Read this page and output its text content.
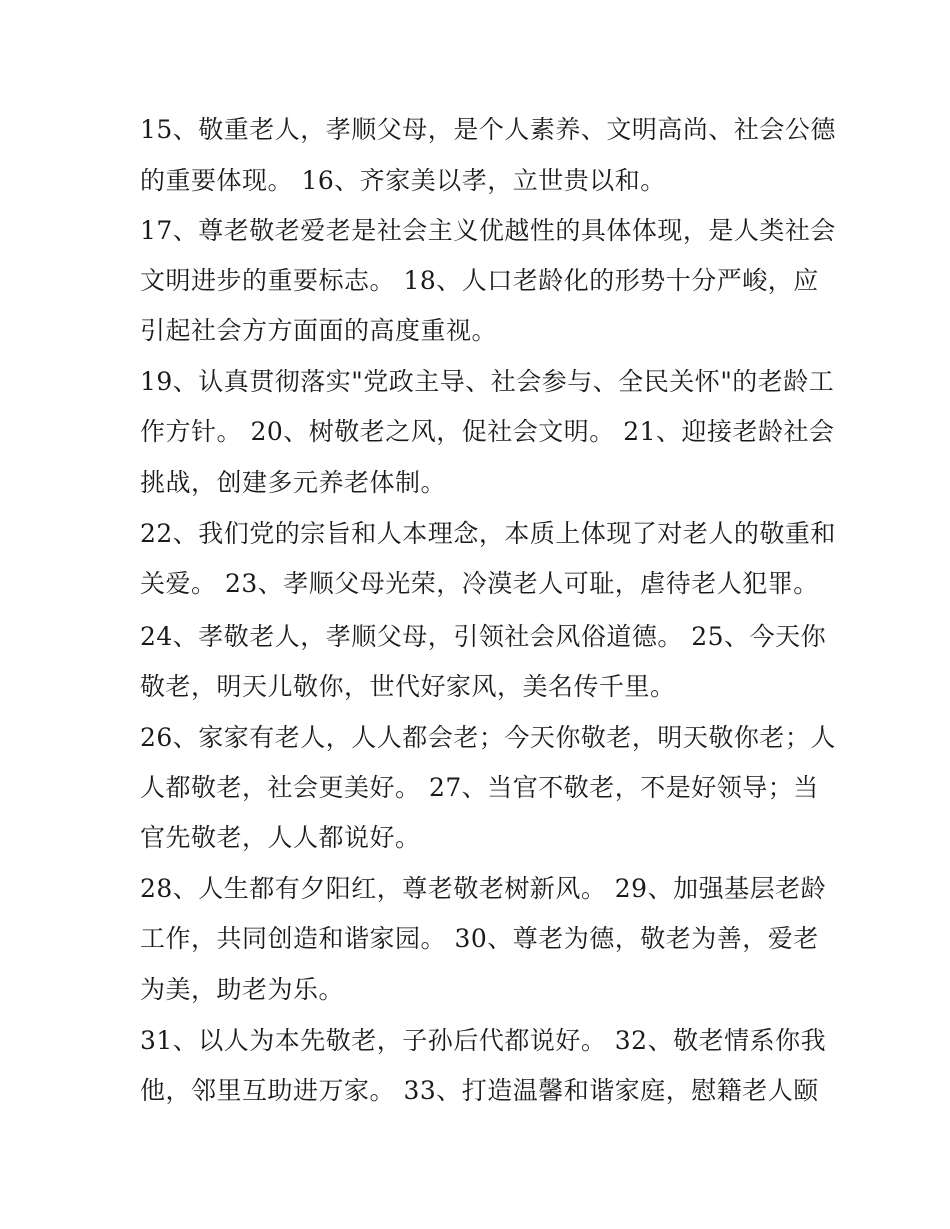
15、敬重老人，孝顺父母，是个人素养、文明高尚、社会公德

的重要体现。 16、齐家美以孝，立世贵以和。

17、尊老敬老爱老是社会主义优越性的具体体现，是人类社会

文明进步的重要标志。 18、人口老龄化的形势十分严峻，应

引起社会方方面面的高度重视。

19、认真贯彻落实"党政主导、社会参与、全民关怀"的老龄工

作方针。 20、树敬老之风，促社会文明。 21、迎接老龄社会

挑战，创建多元养老体制。

22、我们党的宗旨和人本理念，本质上体现了对老人的敬重和

关爱。 23、孝顺父母光荣，冷漠老人可耻，虐待老人犯罪。

24、孝敬老人，孝顺父母，引领社会风俗道德。 25、今天你

敬老，明天儿敬你，世代好家风，美名传千里。

26、家家有老人，人人都会老；今天你敬老，明天敬你老；人

人都敬老，社会更美好。 27、当官不敬老，不是好领导；当

官先敬老，人人都说好。

28、人生都有夕阳红，尊老敬老树新风。 29、加强基层老龄

工作，共同创造和谐家园。 30、尊老为德，敬老为善，爱老

为美，助老为乐。

31、以人为本先敬老，子孙后代都说好。 32、敬老情系你我

他，邻里互助进万家。 33、打造温馨和谐家庭，慰籍老人颐
